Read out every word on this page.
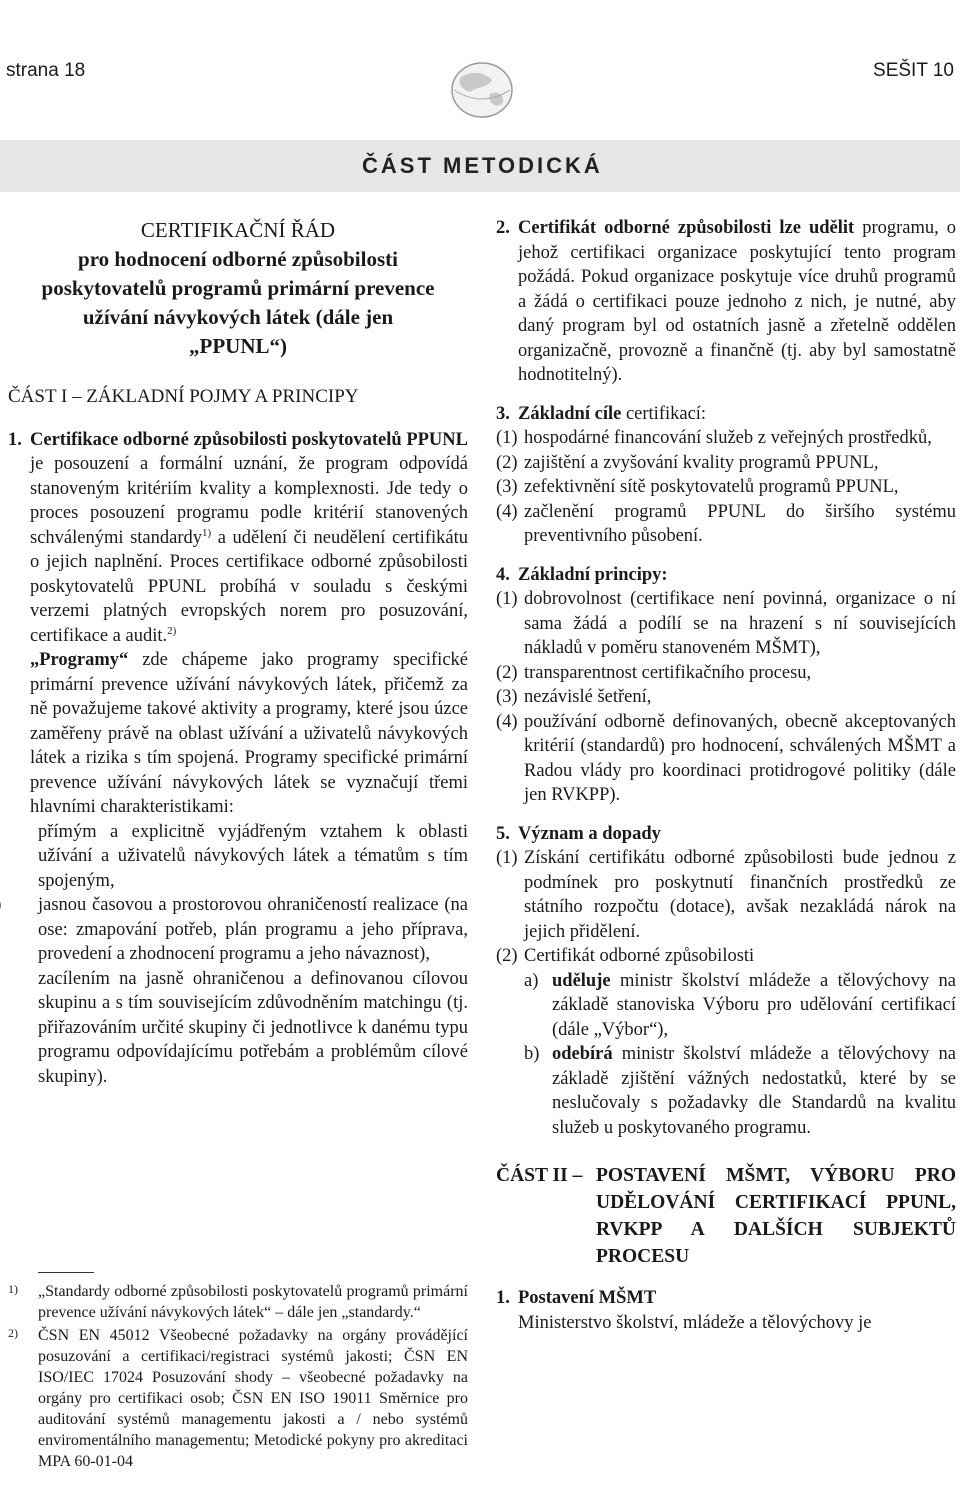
strana 18	SEŠIT 10
ČÁST METODICKÁ
CERTIFIKAČNÍ ŘÁD
pro hodnocení odborné způsobilosti
poskytovatelů programů primární prevence
užívání návykových látek (dále jen
„PPUNL“)
ČÁST I – ZÁKLADNÍ POJMY A PRINCIPY
1. Certifikace odborné způsobilosti poskytovatelů PPUNL je posouzení a formální uznání, že program odpovídá stanoveným kritériím kvality a komplexnosti. Jde tedy o proces posouzení programu podle kritérií stanovených schválenými standardy$^{1)}$ a udělení či neudělení certifikátu o jejich naplnění. Proces certifikace odborné způsobilosti poskytovatelů PPUNL probíhá v souladu s českými verzemi platných evropských norem pro posuzování, certifikace a audit.$^{2)}$
„Programy“ zde chápeme jako programy specifické primární prevence užívání návykových látek, přičemž za ně považujeme takové aktivity a programy, které jsou úzce zaměřeny právě na oblast užívání a uživatelů návykových látek a rizika s tím spojená. Programy specifické primární prevence užívání návykových látek se vyznačují třemi hlavními charakteristikami:
přímým a explicitně vyjádřeným vztahem k oblasti užívání a uživatelů návykových látek a tématům s tím spojeným,
jasnou časovou a prostorovou ohraničeností realizace (na ose: zmapování potřeb, plán programu a jeho příprava, provedení a zhodnocení programu a jeho návaznost),
zacílením na jasně ohraničenou a definovanou cílovou skupinu a s tím souvisejícím zdůvodněním matchingu (tj. přiřazováním určité skupiny či jednotlivce k danému typu programu odpovídajícímu potřebám a problémům cílové skupiny).
1) „Standardy odborné způsobilosti poskytovatelů programů primární prevence užívání návykových látek“ – dále jen „standardy.“
2) ČSN EN 45012 Všeobecné požadavky na orgány provádějící posuzování a certifikaci/registraci systémů jakosti; ČSN EN ISO/IEC 17024 Posuzování shody – všeobecné požadavky na orgány pro certifikaci osob; ČSN EN ISO 19011 Směrnice pro auditování systémů managementu jakosti a / nebo systémů enviromentálního managementu; Metodické pokyny pro akreditaci MPA 60-01-04
2. Certifikát odborné způsobilosti lze udělit programu, o jehož certifikaci organizace poskytující tento program požádá. Pokud organizace poskytuje více druhů programů a žádá o certifikaci pouze jednoho z nich, je nutné, aby daný program byl od ostatních jasně a zřetelně oddělen organizačně, provozně a finančně (tj. aby byl samostatně hodnotitelný).
3. Základní cíle certifikací:
(1) hospodárné financování služeb z veřejných prostředků,
(2) zajištění a zvyšování kvality programů PPUNL,
(3) zefektivnění sítě poskytovatelů programů PPUNL,
(4) začlenění programů PPUNL do širšího systému preventivního působení.
4. Základní principy:
(1) dobrovolnost (certifikace není povinná, organizace o ní sama žádá a podílí se na hrazení s ní souvisejících nákladů v poměru stanoveném MŠMT),
(2) transparentnost certifikačního procesu,
(3) nezávislé šetření,
(4) používání odborně definovaných, obecně akceptovaných kritérií (standardů) pro hodnocení, schválených MŠMT a Radou vlády pro koordinaci protidrogové politiky (dále jen RVKPP).
5. Význam a dopady
(1) Získání certifikátu odborné způsobilosti bude jednou z podmínek pro poskytnutí finančních prostředků ze státního rozpočtu (dotace), avšak nezakládá nárok na jejich přidělení.
(2) Certifikát odborné způsobilosti
a) uděluje ministr školství mládeže a tělovýchovy na základě stanoviska Výboru pro udělování certifikací (dále „Výbor“),
b) odebírá ministr školství mládeže a tělovýchovy na základě zjištění vážných nedostatků, které by se neslučovaly s požadavky dle Standardů na kvalitu služeb u poskytovaného programu.
ČÁST II – POSTAVENÍ MŠMT, VÝBORU PRO UDĚLOVÁNÍ CERTIFIKACÍ PPUNL, RVKPP A DALŠÍCH SUBJEKTŮ PROCESU
1. Postavení MŠMT
Ministerstvo školství, mládeže a tělovýchovy je
